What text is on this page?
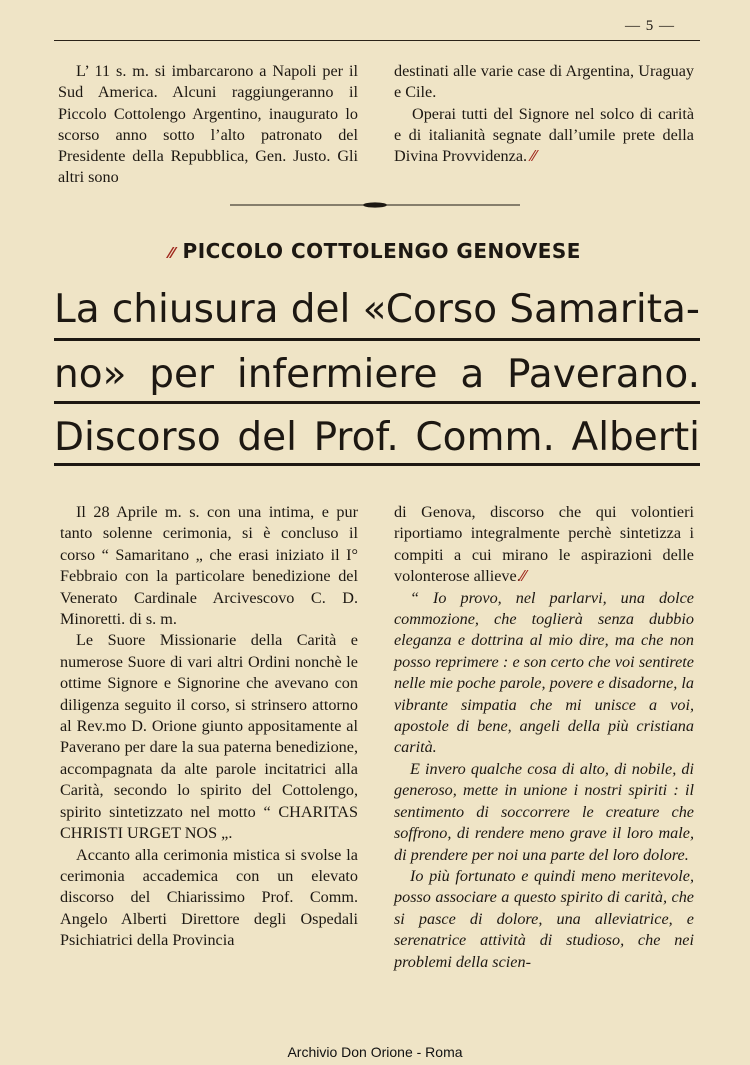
— 5 —

L’ 11 s. m. si imbarcarono a Napoli per il Sud America. Alcuni raggiungeranno il Piccolo Cottolengo Argentino, inaugurato lo scorso anno sotto l’alto patronato del Presidente della Repubblica, Gen. Justo. Gli altri sono

destinati alle varie case di Argentina, Uraguay e Cile.

Operai tutti del Signore nel solco di carità e di italianità segnate dall’umile prete della Divina Provvidenza. ⁄⁄

⁄⁄ PICCOLO COTTOLENGO GENOVESE
La chiusura del «Corso Samarita-
no» per infermiere a Paverano.
Discorso del Prof. Comm. Alberti

Il 28 Aprile m. s. con una intima, e pur tanto solenne cerimonia, si è concluso il corso “ Samaritano „ che erasi iniziato il I° Febbraio con la particolare benedizione del Venerato Cardinale Arcivescovo C. D. Minoretti. di s. m.

Le Suore Missionarie della Carità e numerose Suore di vari altri Ordini nonchè le ottime Signore e Signorine che avevano con diligenza seguito il corso, si strinsero attorno al Rev.mo D. Orione giunto appositamente al Paverano per dare la sua paterna benedizione, accompagnata da alte parole incitatrici alla Carità, secondo lo spirito del Cottolengo, spirito sintetizzato nel motto “ CHARITAS CHRISTI URGET NOS „.

Accanto alla cerimonia mistica si svolse la cerimonia accademica con un elevato discorso del Chiarissimo Prof. Comm. Angelo Alberti Direttore degli Ospedali Psichiatrici della Provincia

di Genova, discorso che qui volontieri riportiamo integralmente perchè sintetizza i compiti a cui mirano le aspirazioni delle volonterose allieve.⁄⁄

“ Io provo, nel parlarvi, una dolce commozione, che toglierà senza dubbio eleganza e dottrina al mio dire, ma che non posso reprimere : e son certo che voi sentirete nelle mie poche parole, povere e disadorne, la vibrante simpatia che mi unisce a voi, apostole di bene, angeli della più cristiana carità.

E invero qualche cosa di alto, di nobile, di generoso, mette in unione i nostri spiriti : il sentimento di soccorrere le creature che soffrono, di rendere meno grave il loro male, di prendere per noi una parte del loro dolore.

Io più fortunato e quindi meno meritevole, posso associare a questo spirito di carità, che si pasce di dolore, una alleviatrice, e serenatrice attività di studioso, che nei problemi della scien-

Archivio Don Orione - Roma
